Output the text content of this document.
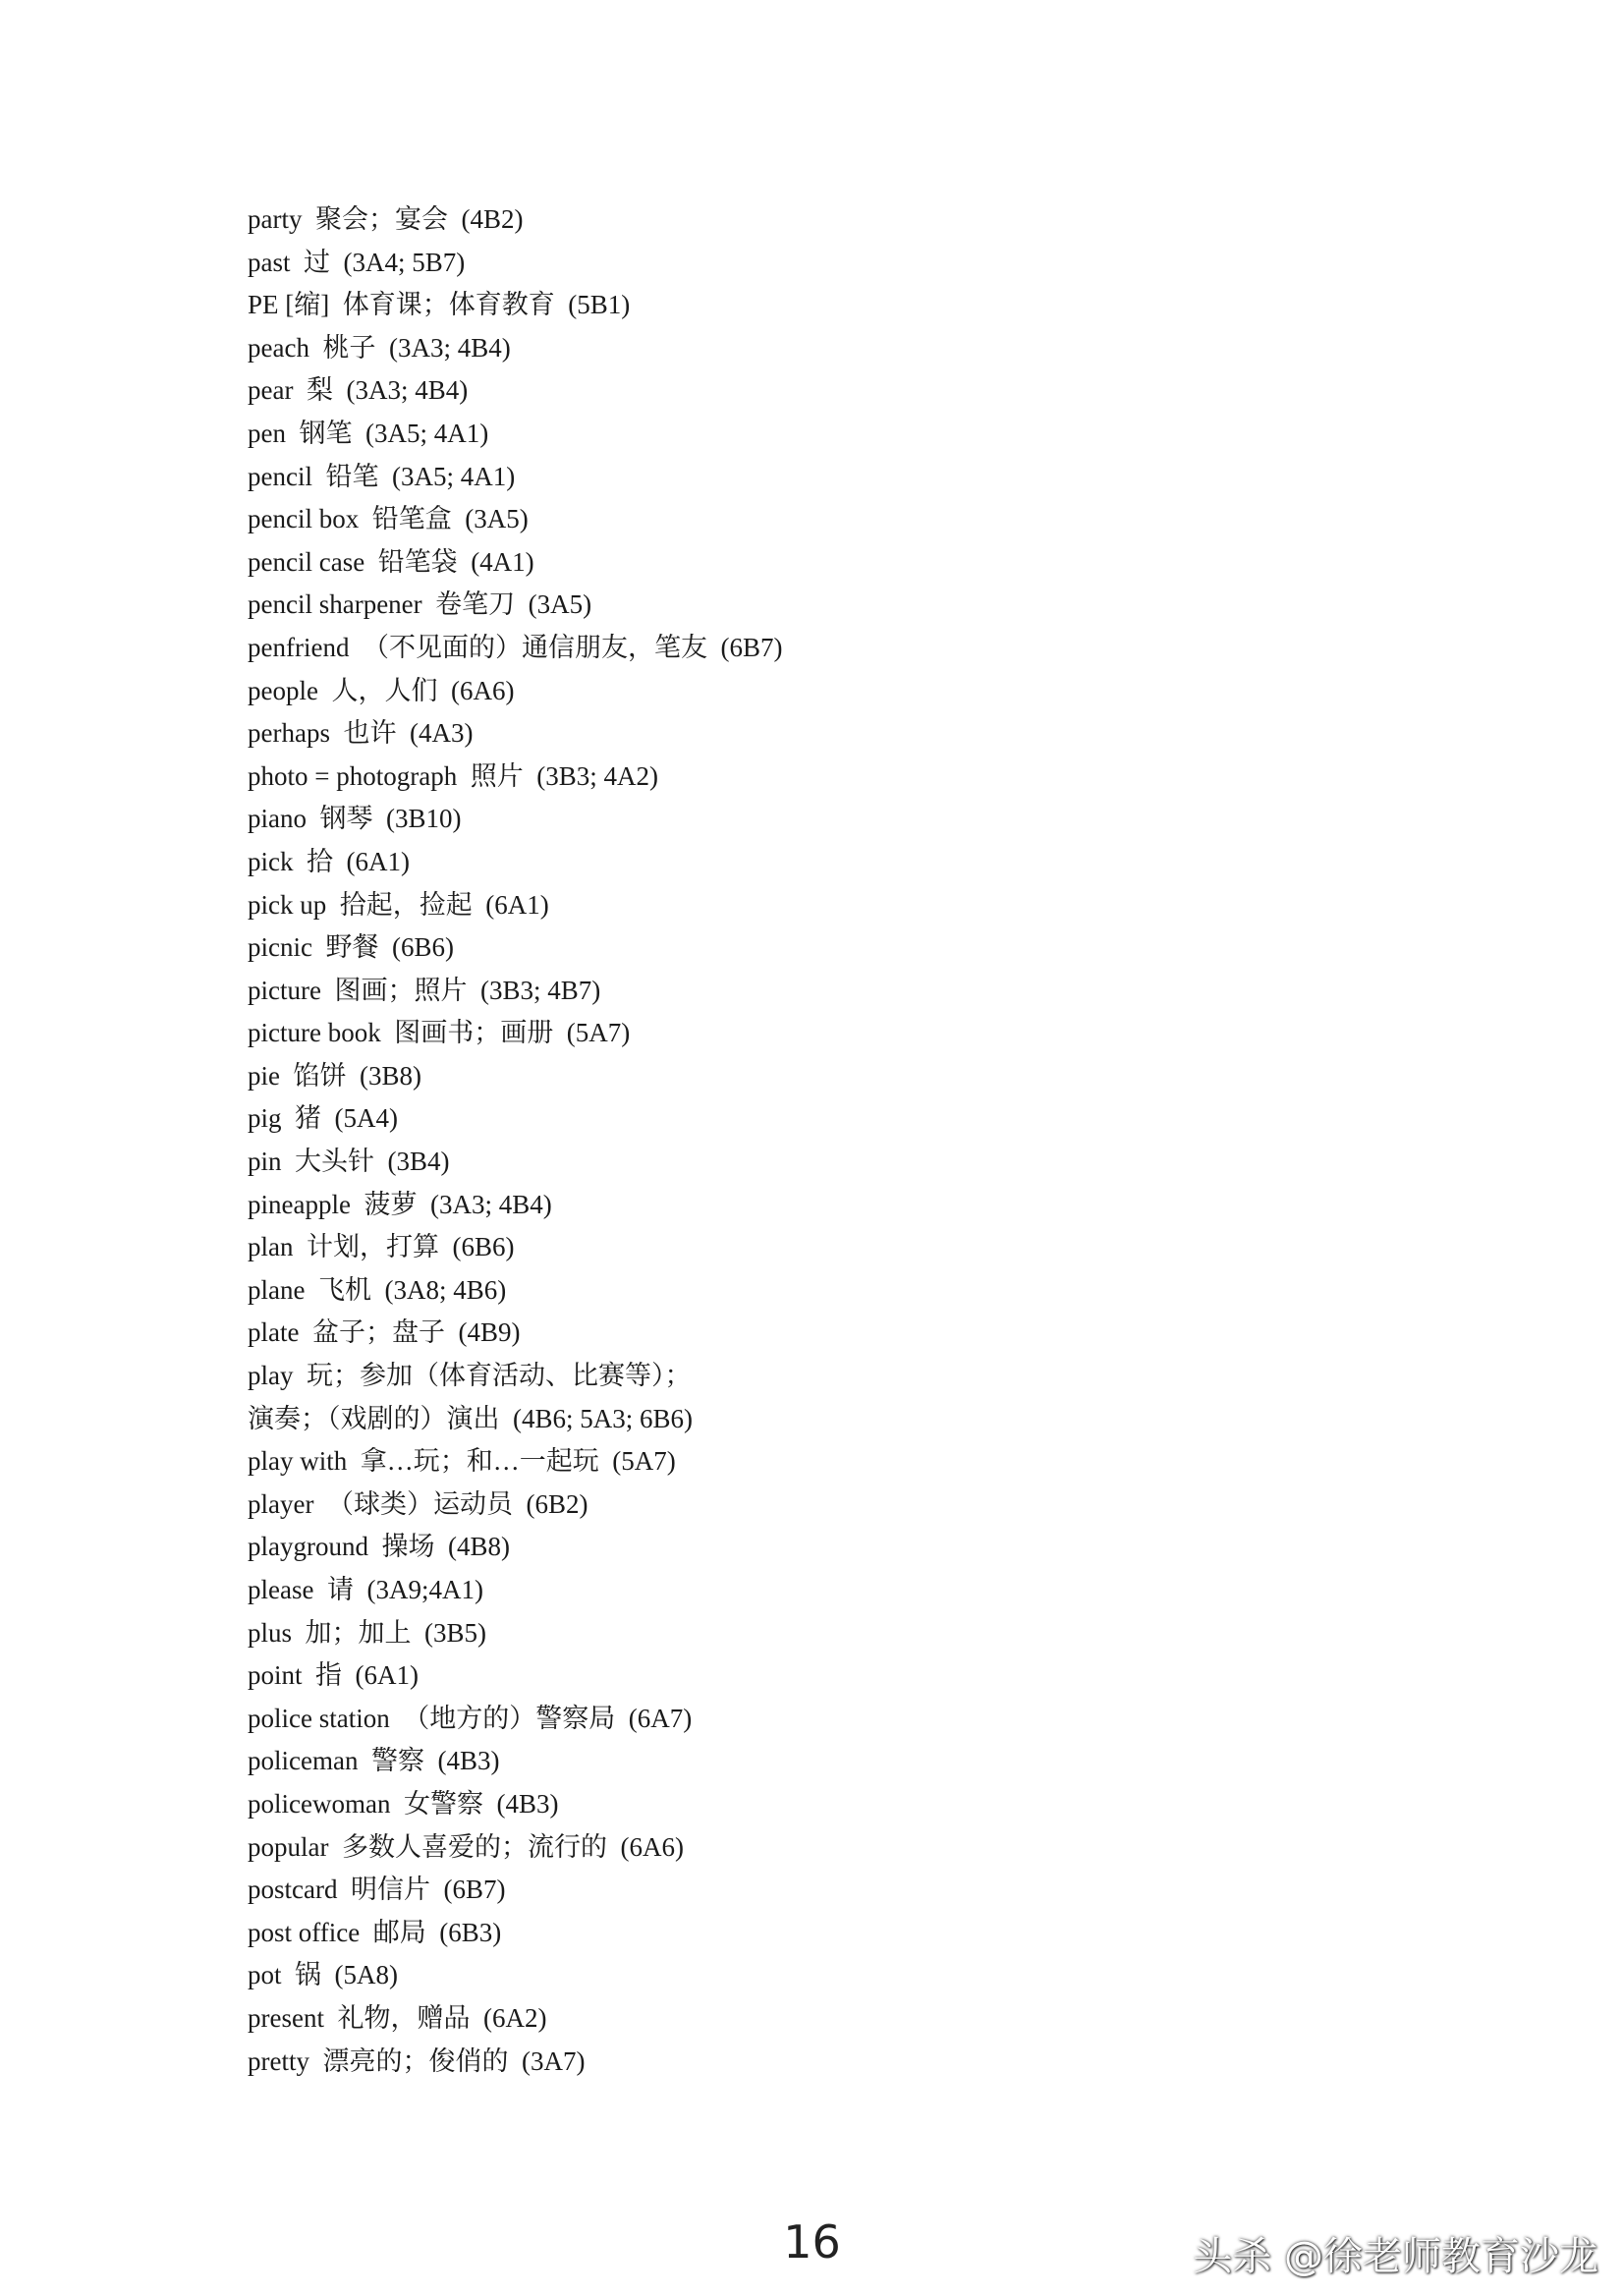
party 聚会；宴会 (4B2)
past 过 (3A4; 5B7)
PE [缩] 体育课；体育教育 (5B1)
peach 桃子 (3A3; 4B4)
pear 梨 (3A3; 4B4)
pen 钢笔 (3A5; 4A1)
pencil 铅笔 (3A5; 4A1)
pencil box 铅笔盒 (3A5)
pencil case 铅笔袋 (4A1)
pencil sharpener 卷笔刀 (3A5)
penfriend （不见面的）通信朋友，笔友 (6B7)
people 人，人们 (6A6)
perhaps 也许 (4A3)
photo = photograph 照片 (3B3; 4A2)
piano 钢琴 (3B10)
pick 拾 (6A1)
pick up 拾起，捡起 (6A1)
picnic 野餐 (6B6)
picture 图画；照片 (3B3; 4B7)
picture book 图画书；画册 (5A7)
pie 馅饼 (3B8)
pig 猪 (5A4)
pin 大头针 (3B4)
pineapple 菠萝 (3A3; 4B4)
plan 计划，打算 (6B6)
plane 飞机 (3A8; 4B6)
plate 盆子；盘子 (4B9)
play 玩；参加（体育活动、比赛等）；
演奏；（戏剧的）演出 (4B6; 5A3; 6B6)
play with 拿…玩；和…一起玩 (5A7)
player （球类）运动员 (6B2)
playground 操场 (4B8)
please 请 (3A9;4A1)
plus 加；加上 (3B5)
point 指 (6A1)
police station （地方的）警察局 (6A7)
policeman 警察 (4B3)
policewoman 女警察 (4B3)
popular 多数人喜爱的；流行的 (6A6)
postcard 明信片 (6B7)
post office 邮局 (6B3)
pot 锅 (5A8)
present 礼物，赠品 (6A2)
pretty 漂亮的；俊俏的 (3A7)
16	头杀 @徐老师教育沙龙
